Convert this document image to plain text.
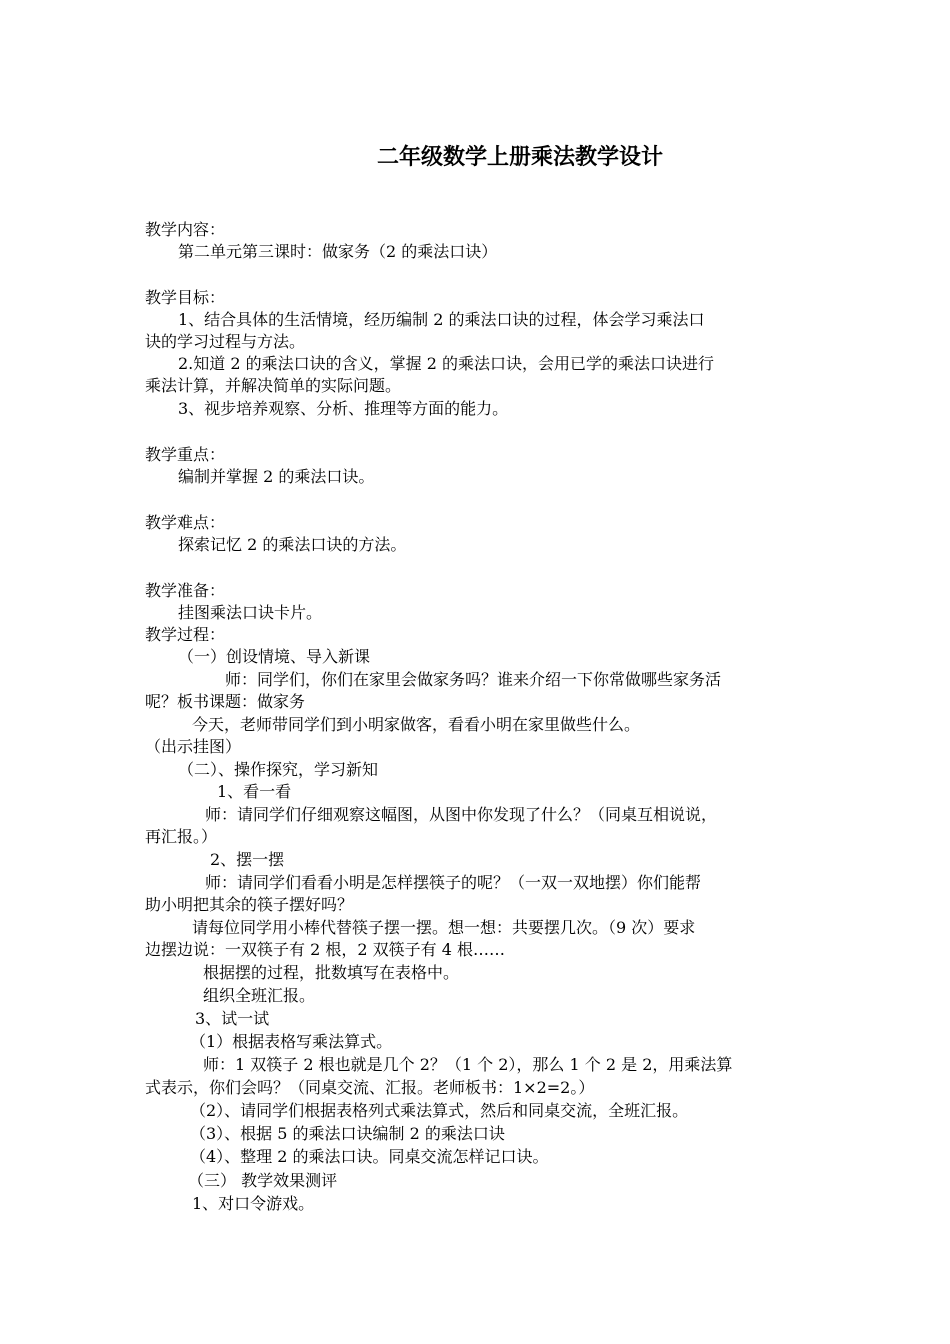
二年级数学上册乘法教学设计
教学内容：
第二单元第三课时：做家务（2 的乘法口诀）
教学目标：
1、结合具体的生活情境，经历编制 2 的乘法口诀的过程，体会学习乘法口
诀的学习过程与方法。
2.知道 2 的乘法口诀的含义，掌握 2 的乘法口诀，会用已学的乘法口诀进行
乘法计算，并解决简单的实际问题。
3、视步培养观察、分析、推理等方面的能力。
教学重点：
编制并掌握 2 的乘法口诀。
教学难点：
探索记忆 2 的乘法口诀的方法。
教学准备：
挂图乘法口诀卡片。
教学过程：
（一）创设情境、导入新课
师：同学们，你们在家里会做家务吗？谁来介绍一下你常做哪些家务活
呢？板书课题：做家务
今天，老师带同学们到小明家做客，看看小明在家里做些什么。
（出示挂图）
（二）、操作探究，学习新知
1、看一看
师：请同学们仔细观察这幅图，从图中你发现了什么？（同桌互相说说，
再汇报。）
2、摆一摆
师：请同学们看看小明是怎样摆筷子的呢？（一双一双地摆）你们能帮
助小明把其余的筷子摆好吗？
请每位同学用小棒代替筷子摆一摆。想一想：共要摆几次。（9 次）要求
边摆边说：一双筷子有 2 根，2 双筷子有 4 根……
根据摆的过程，批数填写在表格中。
组织全班汇报。
3、试一试
（1）根据表格写乘法算式。
师：1 双筷子 2 根也就是几个 2？（1 个 2），那么 1 个 2 是 2，用乘法算
式表示，你们会吗？（同桌交流、汇报。老师板书：1×2=2。）
（2）、请同学们根据表格列式乘法算式，然后和同桌交流，全班汇报。
（3）、根据 5 的乘法口诀编制 2 的乘法口诀
（4）、整理 2 的乘法口诀。同桌交流怎样记口诀。
（三） 教学效果测评
1、对口令游戏。
